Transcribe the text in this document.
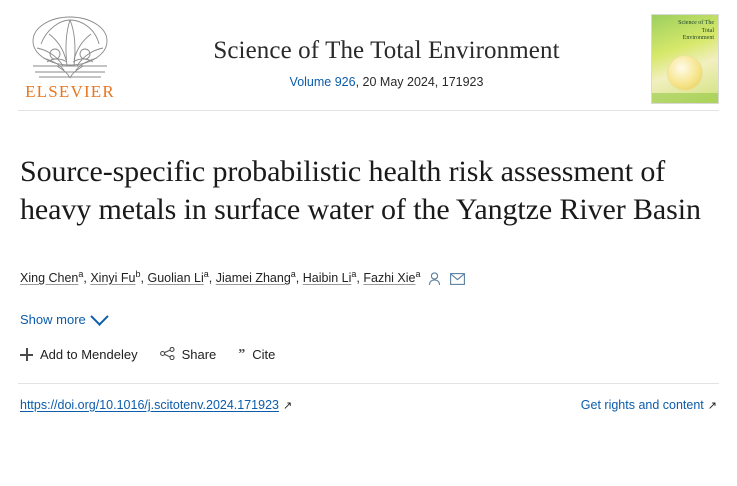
ELSEVIER
Science of The Total Environment
Volume 926, 20 May 2024, 171923
Science of The Total Environment
Source-specific probabilistic health risk assessment of heavy metals in surface water of the Yangtze River Basin
Xing Chen$^a$, Xinyi Fu$^b$, Guolian Li$^a$, Jiamei Zhang$^a$, Haibin Li$^a$, Fazhi Xie$^a$
Show more
Add to Mendeley	Share ” Cite
https://doi.org/10.1016/j.scitotenv.2024.171923 ↗	Get rights and content ↗
